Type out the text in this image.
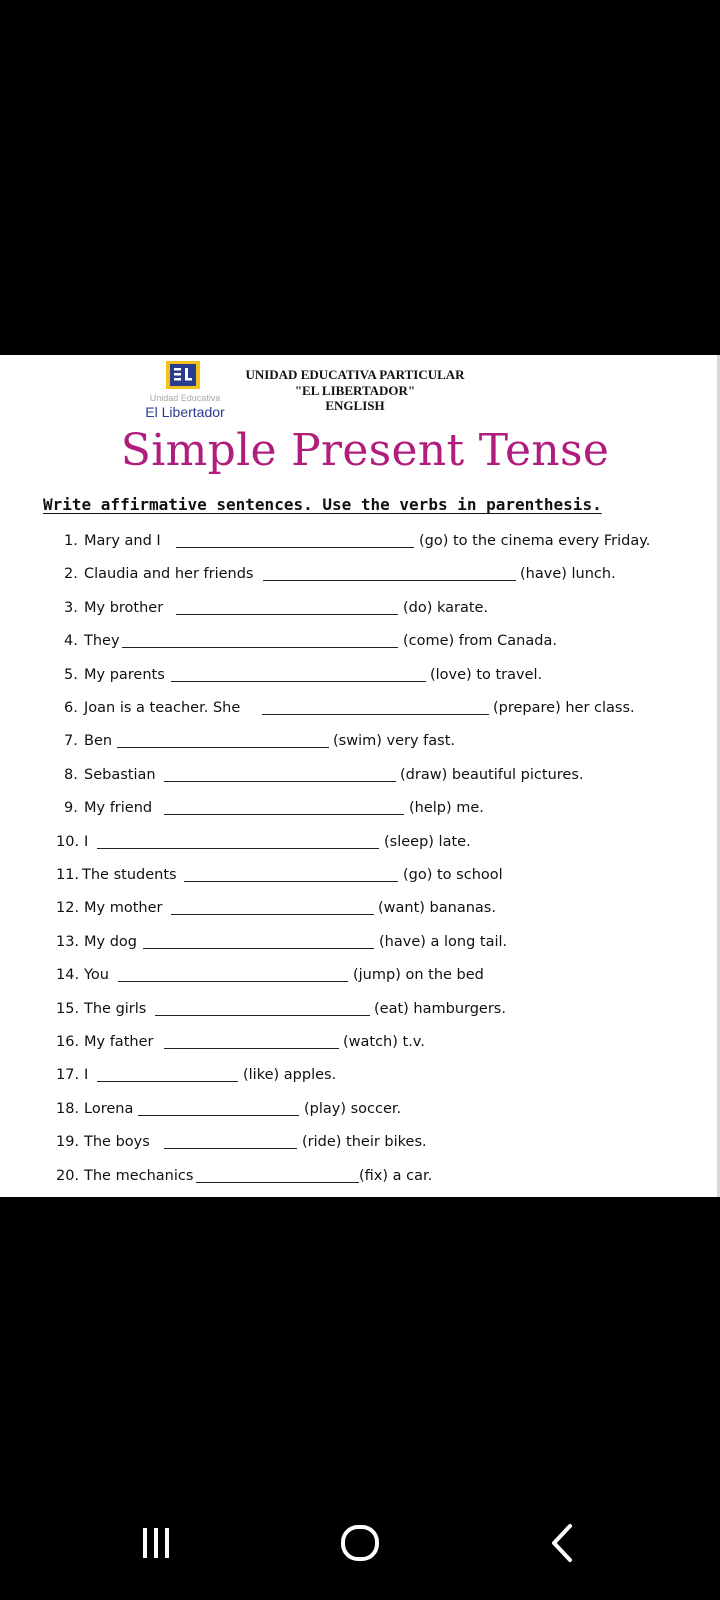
Unidad Educativa
El Libertador
UNIDAD EDUCATIVA PARTICULAR
"EL LIBERTADOR"
ENGLISH
Simple Present Tense
Write affirmative sentences. Use the verbs in parenthesis.
1. Mary and I	(go) to the cinema every Friday.
2. Claudia and her friends	(have) lunch.
3. My brother	(do) karate.
4. They	(come) from Canada.
5. My parents	(love) to travel.
6. Joan is a teacher. She	(prepare) her class.
7. Ben	(swim) very fast.
8. Sebastian	(draw) beautiful pictures.
9. My friend	(help) me.
10. I	(sleep) late.
11. The students	(go) to school
12. My mother	(want) bananas.
13. My dog	(have) a long tail.
14. You	(jump) on the bed
15. The girls	(eat) hamburgers.
16. My father	(watch) t.v.
17. I	(like) apples.
18. Lorena	(play) soccer.
19. The boys	(ride) their bikes.
20. The mechanics	(fix) a car.
